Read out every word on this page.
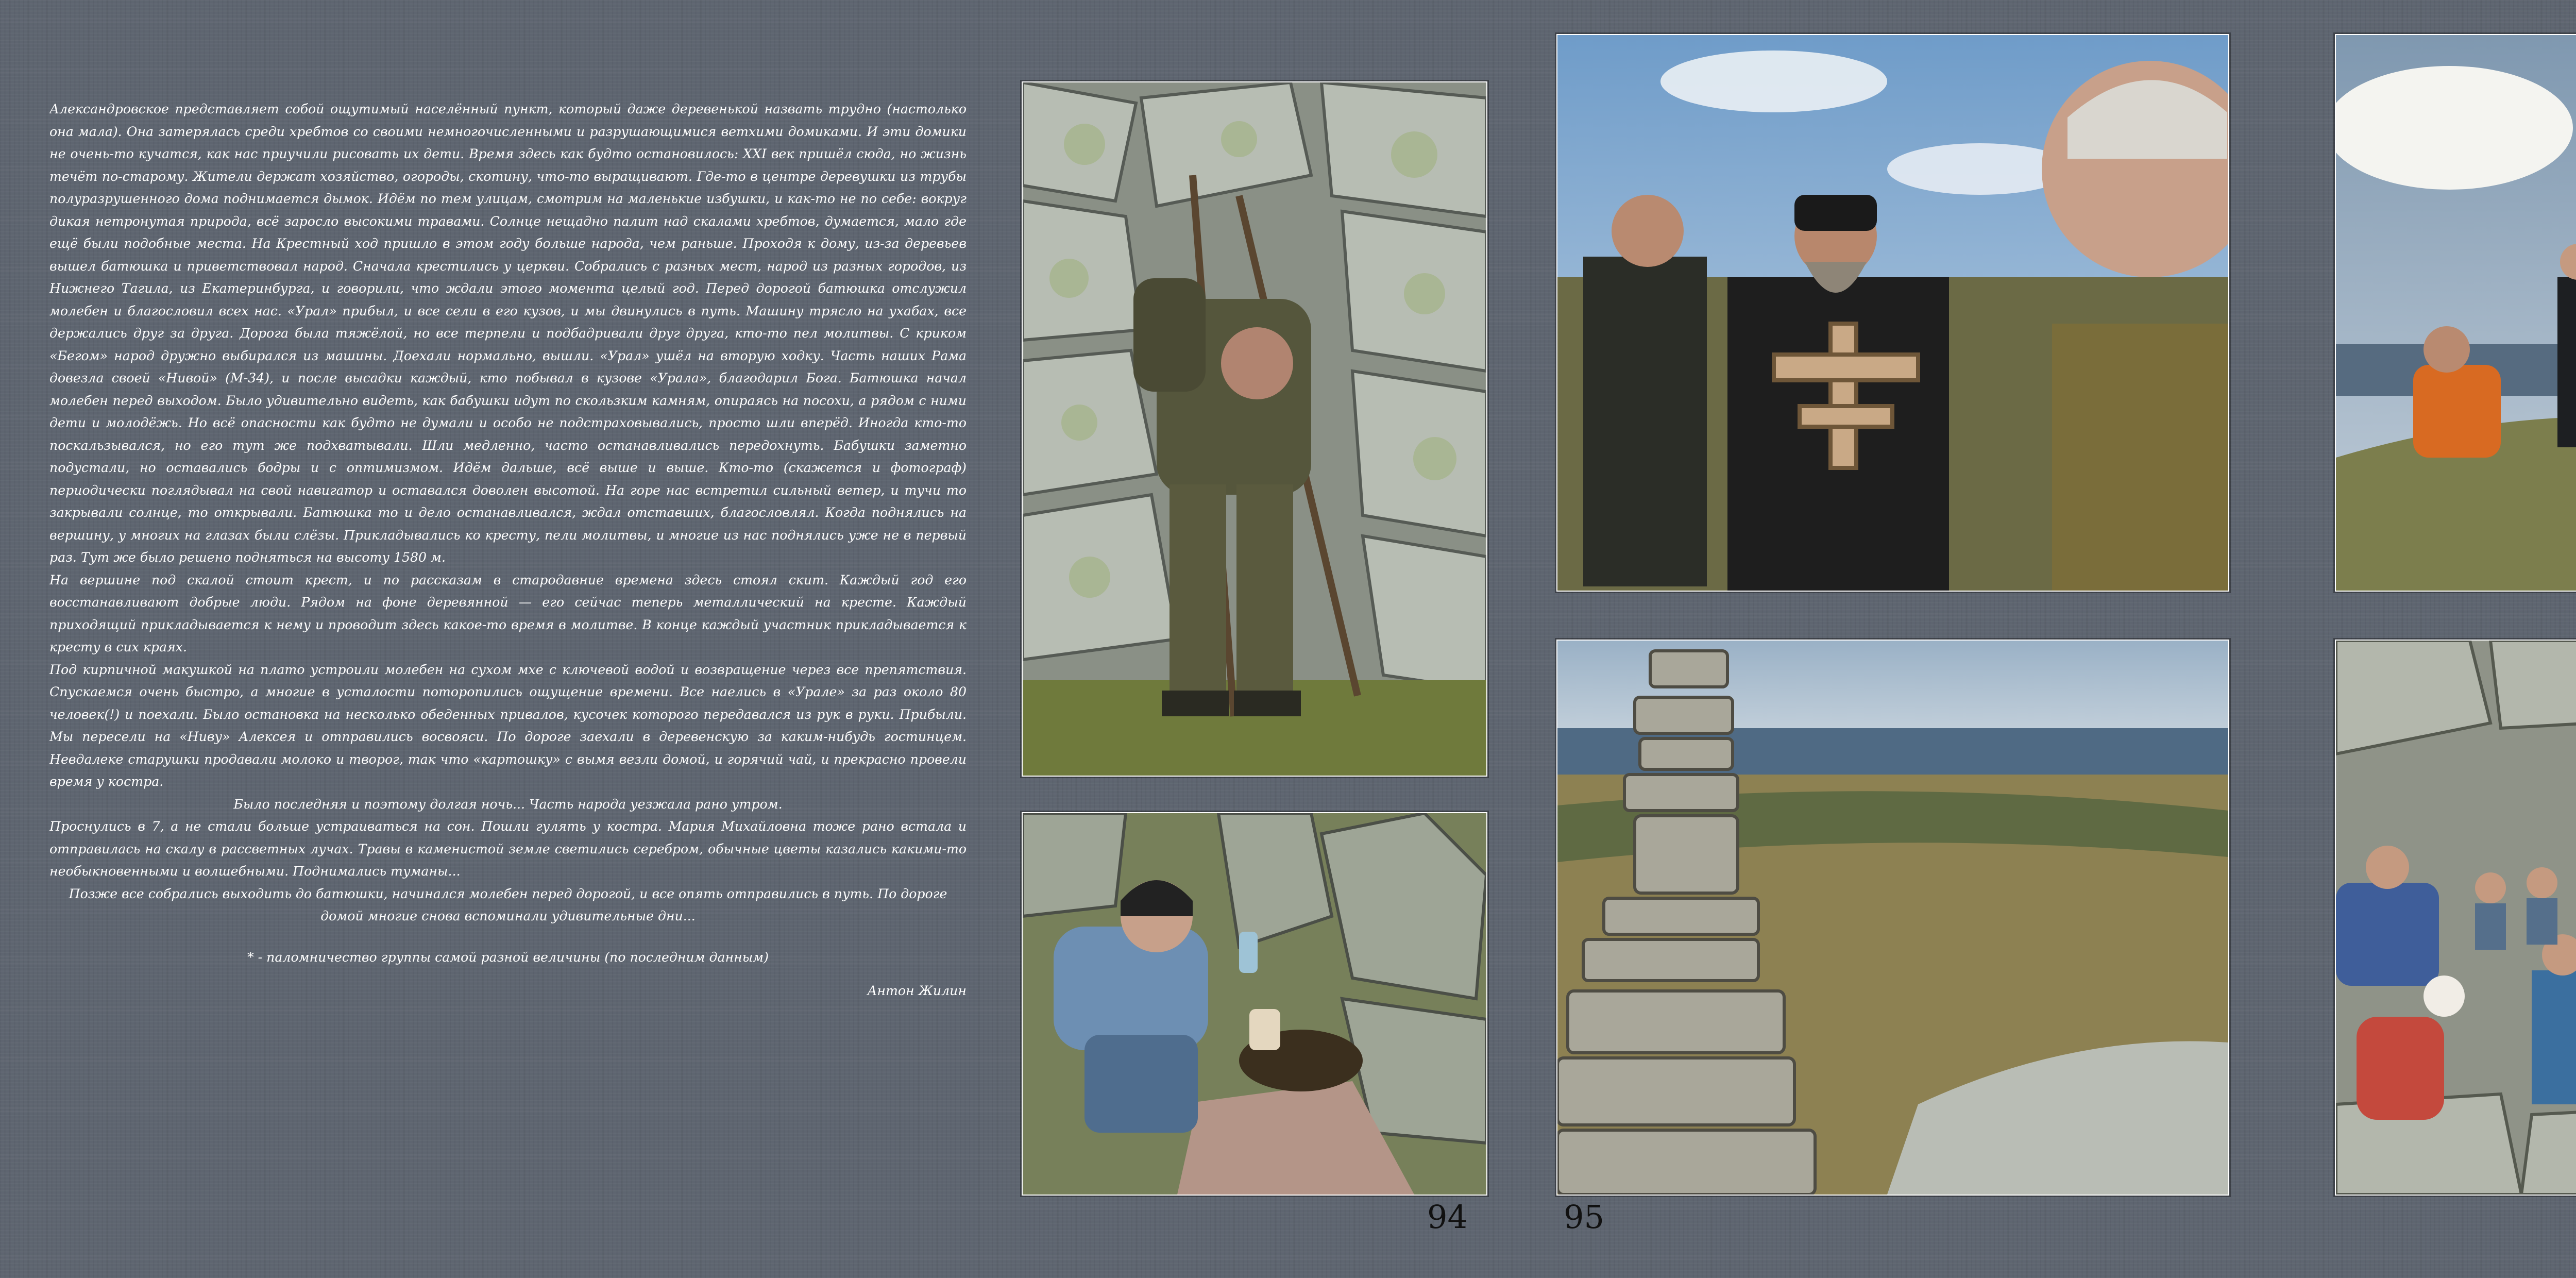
Александровское представляет собой ощутимый населённый пункт, который даже деревенькой назвать трудно (настолько она мала). Она затерялась среди хребтов со своими немногочисленными и разрушающимися ветхими домиками. И эти домики не очень-то кучатся, как нас приучили рисовать их дети. Время здесь как будто остановилось: XXI век пришёл сюда, но жизнь течёт по-старому. Жители держат хозяйство, огороды, скотину, что-то выращивают. Где-то в центре деревушки из трубы полуразрушенного дома поднимается дымок. Идём по тем улицам, смотрим на маленькие избушки, и как-то не по себе: вокруг дикая нетронутая природа, всё заросло высокими травами. Солнце нещадно палит над скалами хребтов, думается, мало где ещё были подобные места. На Крестный ход пришло в этом году больше народа, чем раньше. Проходя к дому, из-за деревьев вышел батюшка и приветствовал народ. Сначала крестились у церкви. Собрались с разных мест, народ из разных городов, из Нижнего Тагила, из Екатеринбурга, и говорили, что ждали этого момента целый год. Перед дорогой батюшка отслужил молебен и благословил всех нас. «Урал» прибыл, и все сели в его кузов, и мы двинулись в путь. Машину трясло на ухабах, все держались друг за друга. Дорога была тяжёлой, но все терпели и подбадривали друг друга, кто-то пел молитвы. С криком «Бегом» народ дружно выбирался из машины. Доехали нормально, вышли. «Урал» ушёл на вторую ходку. Часть наших Рама довезла своей «Нивой» (М-34), и после высадки каждый, кто побывал в кузове «Урала», благодарил Бога. Батюшка начал молебен перед выходом. Было удивительно видеть, как бабушки идут по скользким камням, опираясь на посохи, а рядом с ними дети и молодёжь. Но всё опасности как будто не думали и особо не подстраховывались, просто шли вперёд. Иногда кто-то поскальзывался, но его тут же подхватывали. Шли медленно, часто останавливались передохнуть. Бабушки заметно подустали, но оставались бодры и с оптимизмом. Идём дальше, всё выше и выше. Кто-то (скажется и фотограф) периодически поглядывал на свой навигатор и оставался доволен высотой. На горе нас встретил сильный ветер, и тучи то закрывали солнце, то открывали. Батюшка то и дело останавливался, ждал отставших, благословлял. Когда поднялись на вершину, у многих на глазах были слёзы. Прикладывались ко кресту, пели молитвы, и многие из нас поднялись уже не в первый раз. Тут же было решено подняться на высоту 1580 м.

На вершине под скалой стоит крест, и по рассказам в стародавние времена здесь стоял скит. Каждый год его восстанавливают добрые люди. Рядом на фоне деревянной — его сейчас теперь металлический на кресте. Каждый приходящий прикладывается к нему и проводит здесь какое-то время в молитве. В конце каждый участник прикладывается к кресту в сих краях.

Под кирпичной макушкой на плато устроили молебен на сухом мхе с ключевой водой и возвращение через все препятствия. Спускаемся очень быстро, а многие в усталости поторопились ощущение времени. Все наелись в «Урале» за раз около 80 человек(!) и поехали. Было остановка на несколько обеденных привалов, кусочек которого передавался из рук в руки. Прибыли. Мы пересели на «Ниву» Алексея и отправились восвояси. По дороге заехали в деревенскую за каким-нибудь гостинцем. Невдалеке старушки продавали молоко и творог, так что «картошку» с вымя везли домой, и горячий чай, и прекрасно провели время у костра.

Было последняя и поэтому долгая ночь... Часть народа уезжала рано утром.

Проснулись в 7, а не стали больше устраиваться на сон. Пошли гулять у костра. Мария Михайловна тоже рано встала и отправилась на скалу в рассветных лучах. Травы в каменистой земле светились серебром, обычные цветы казались какими-то необыкновенными и волшебными. Поднимались туманы...

Позже все собрались выходить до батюшки, начинался молебен перед дорогой, и все опять отправились в путь. По дороге домой многие снова вспоминали удивительные дни...

* - паломничество группы самой разной величины (по последним данным)

Антон Жилин

94	95
